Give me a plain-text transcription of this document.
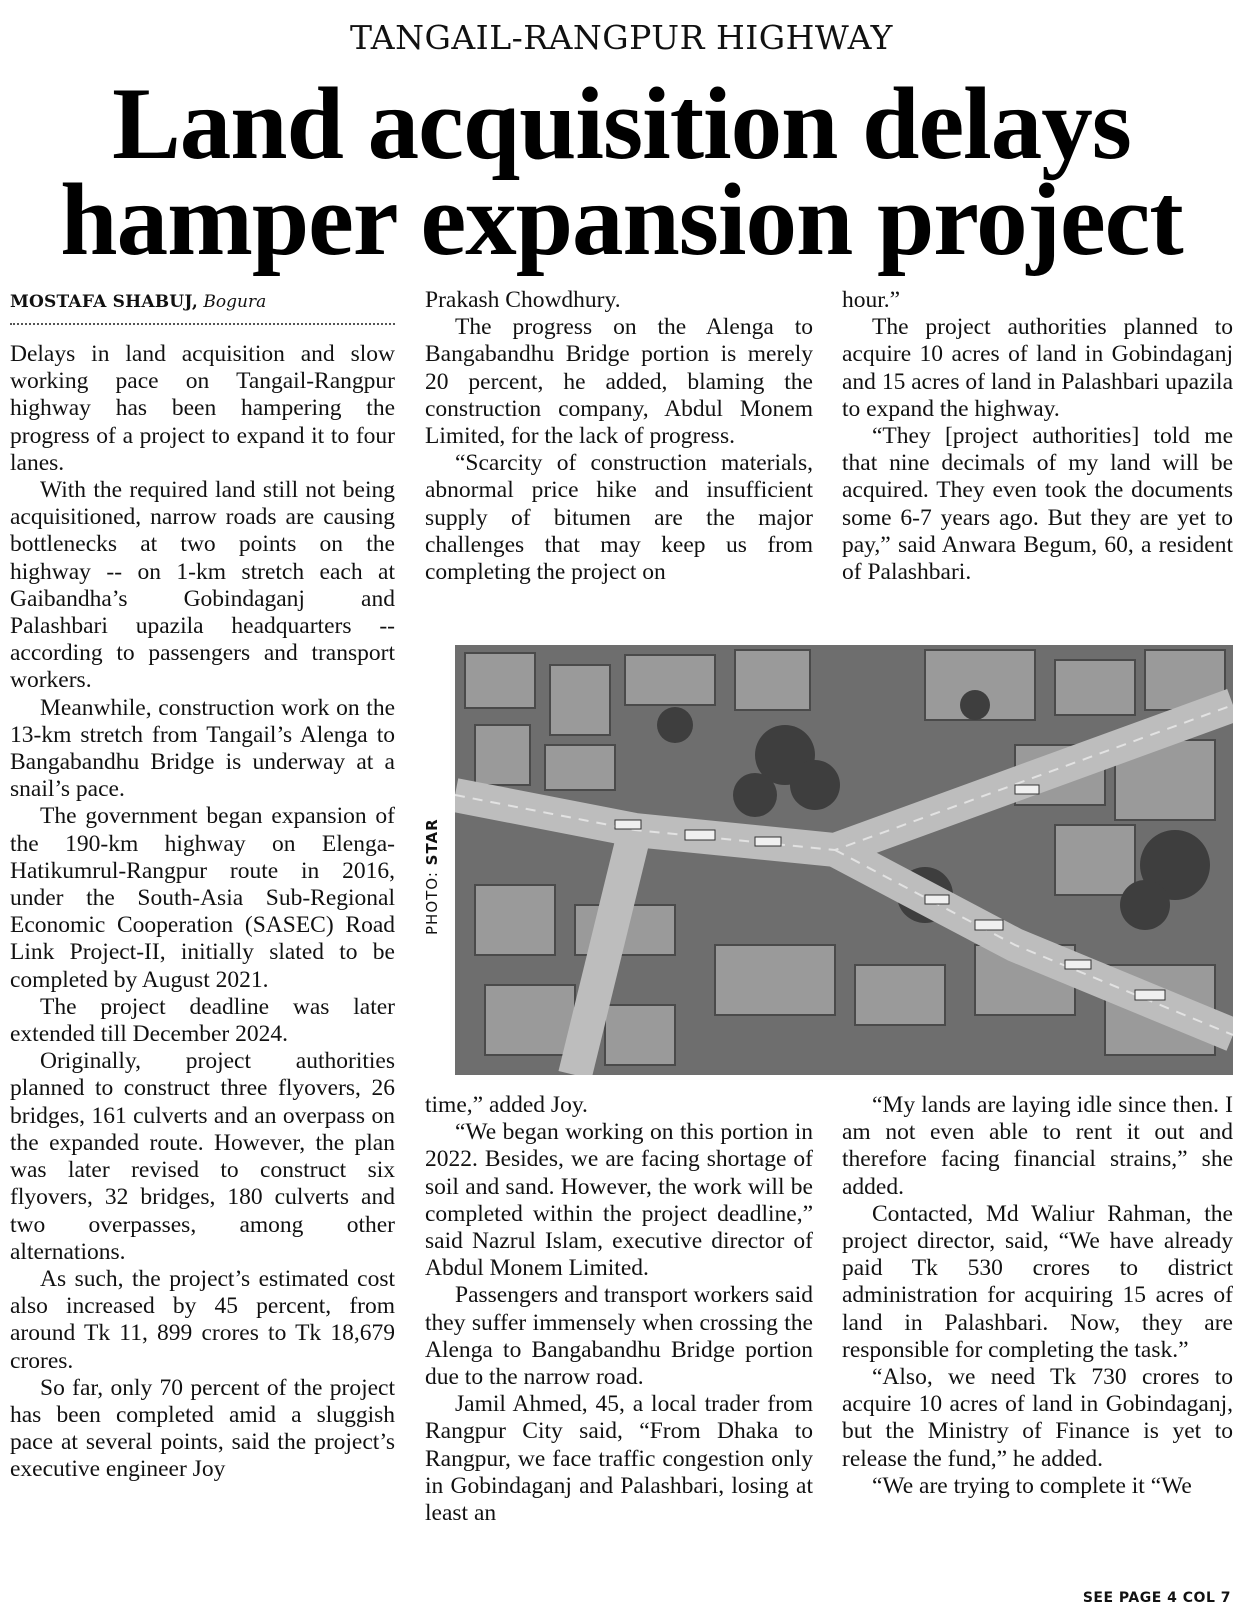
TANGAIL-RANGPUR HIGHWAY
Land acquisition delays
hamper expansion project
MOSTAFA SHABUJ, Bogura

Delays in land acquisition and slow working pace on Tangail-Rangpur highway has been hampering the progress of a project to expand it to four lanes.

With the required land still not being acquisitioned, narrow roads are causing bottlenecks at two points on the highway -- on 1-km stretch each at Gaibandha’s Gobindaganj and Palashbari upazila headquarters -- according to passengers and transport workers.

Meanwhile, construction work on the 13-km stretch from Tangail’s Alenga to Bangabandhu Bridge is underway at a snail’s pace.

The government began expansion of the 190-km highway on Elenga-Hatikumrul-Rangpur route in 2016, under the South-Asia Sub-Regional Economic Cooperation (SASEC) Road Link Project-II, initially slated to be completed by August 2021.

The project deadline was later extended till December 2024.

Originally, project authorities planned to construct three flyovers, 26 bridges, 161 culverts and an overpass on the expanded route. However, the plan was later revised to construct six flyovers, 32 bridges, 180 culverts and two overpasses, among other alternations.

As such, the project’s estimated cost also increased by 45 percent, from around Tk 11, 899 crores to Tk 18,679 crores.

So far, only 70 percent of the project has been completed amid a sluggish pace at several points, said the project’s executive engineer Joy

Prakash Chowdhury.

The progress on the Alenga to Bangabandhu Bridge portion is merely 20 percent, he added, blaming the construction company, Abdul Monem Limited, for the lack of progress.

“Scarcity of construction materials, abnormal price hike and insufficient supply of bitumen are the major challenges that may keep us from completing the project on

hour.”

The project authorities planned to acquire 10 acres of land in Gobindaganj and 15 acres of land in Palashbari upazila to expand the highway.

“They [project authorities] told me that nine decimals of my land will be acquired. They even took the documents some 6-7 years ago. But they are yet to pay,” said Anwara Begum, 60, a resident of Palashbari.

PHOTO: STAR

time,” added Joy.

“We began working on this portion in 2022. Besides, we are facing shortage of soil and sand. However, the work will be completed within the project deadline,” said Nazrul Islam, executive director of Abdul Monem Limited.

Passengers and transport workers said they suffer immensely when crossing the Alenga to Bangabandhu Bridge portion due to the narrow road.

Jamil Ahmed, 45, a local trader from Rangpur City said, “From Dhaka to Rangpur, we face traffic congestion only in Gobindaganj and Palashbari, losing at least an

“My lands are laying idle since then. I am not even able to rent it out and therefore facing financial strains,” she added.

Contacted, Md Waliur Rahman, the project director, said, “We have already paid Tk 530 crores to district administration for acquiring 15 acres of land in Palashbari. Now, they are responsible for completing the task.”

“Also, we need Tk 730 crores to acquire 10 acres of land in Gobindaganj, but the Ministry of Finance is yet to release the fund,” he added.

“We are trying to complete it “We

SEE PAGE 4 COL 7
